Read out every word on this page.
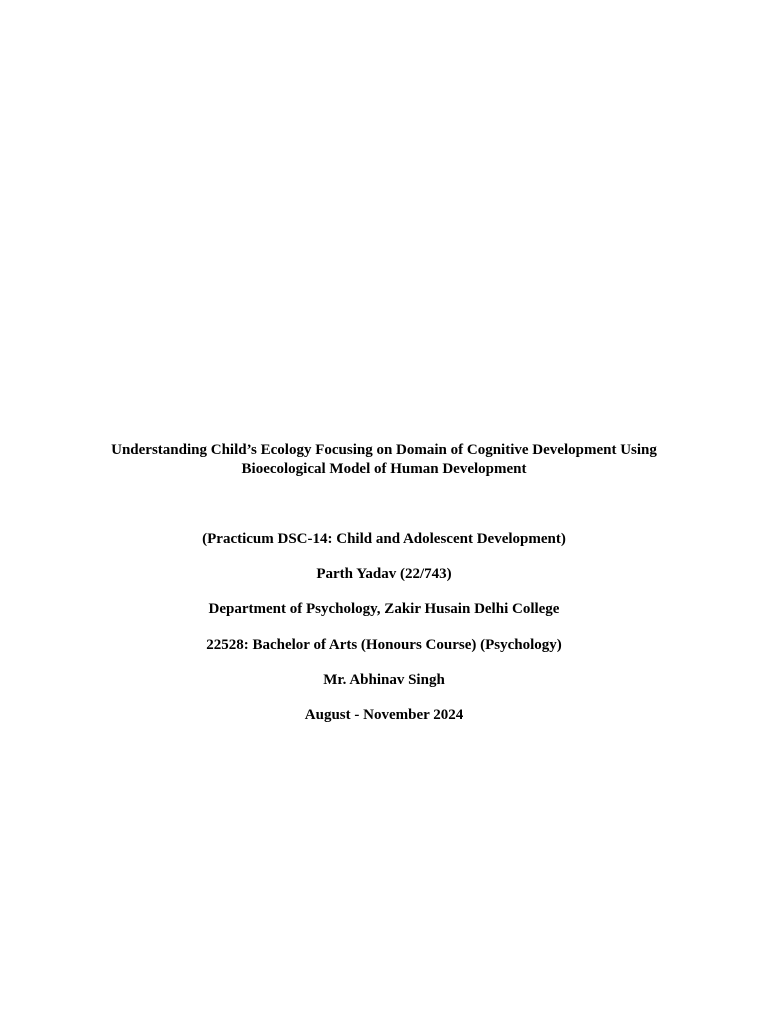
Understanding Child’s Ecology Focusing on Domain of Cognitive Development Using
Bioecological Model of Human Development
(Practicum DSC-14: Child and Adolescent Development)
Parth Yadav (22/743)
Department of Psychology, Zakir Husain Delhi College
22528: Bachelor of Arts (Honours Course) (Psychology)
Mr. Abhinav Singh
August - November 2024
